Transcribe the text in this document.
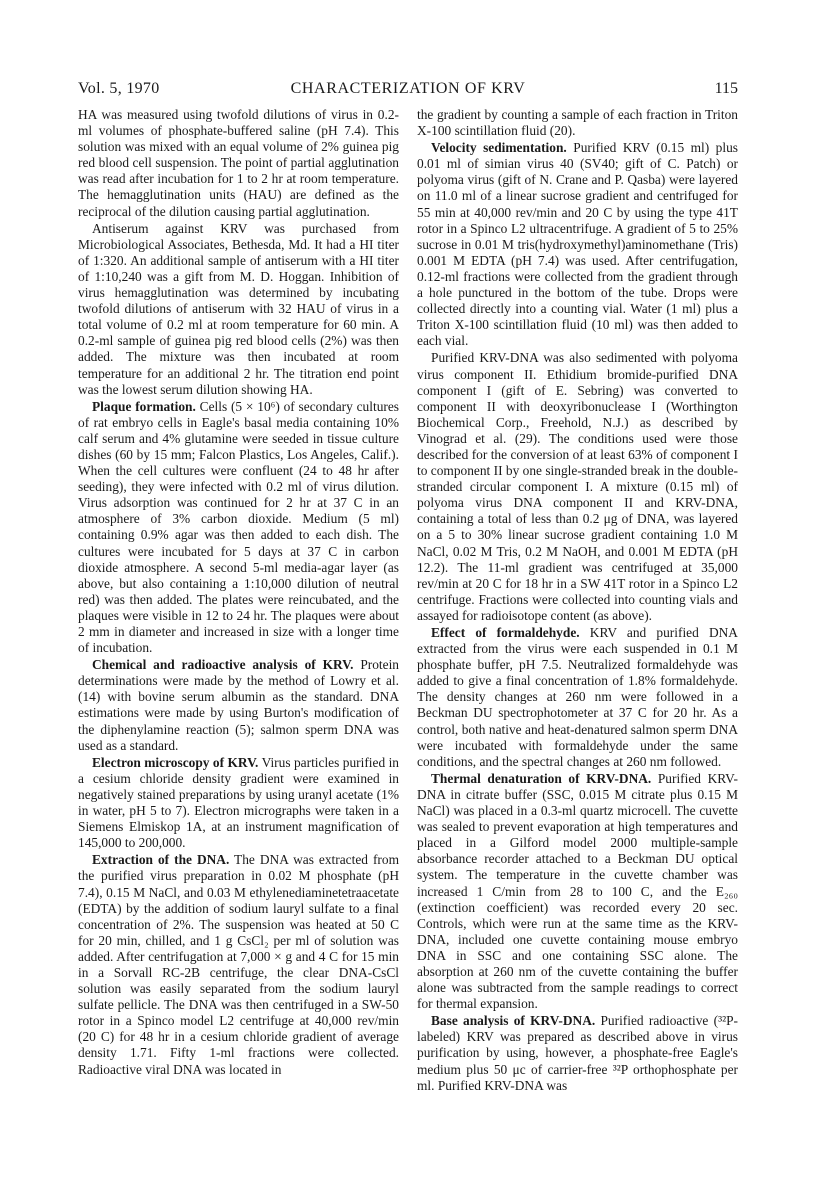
Vol. 5, 1970	CHARACTERIZATION OF KRV	115

HA was measured using twofold dilutions of virus in 0.2-ml volumes of phosphate-buffered saline (pH 7.4). This solution was mixed with an equal volume of 2% guinea pig red blood cell suspension. The point of partial agglutination was read after incubation for 1 to 2 hr at room temperature. The hemagglutination units (HAU) are defined as the reciprocal of the dilution causing partial agglutination.

Antiserum against KRV was purchased from Microbiological Associates, Bethesda, Md. It had a HI titer of 1:320. An additional sample of antiserum with a HI titer of 1:10,240 was a gift from M. D. Hoggan. Inhibition of virus hemagglutination was determined by incubating twofold dilutions of antiserum with 32 HAU of virus in a total volume of 0.2 ml at room temperature for 60 min. A 0.2-ml sample of guinea pig red blood cells (2%) was then added. The mixture was then incubated at room temperature for an additional 2 hr. The titration end point was the lowest serum dilution showing HA.

Plaque formation. Cells (5 × 10⁶) of secondary cultures of rat embryo cells in Eagle's basal media containing 10% calf serum and 4% glutamine were seeded in tissue culture dishes (60 by 15 mm; Falcon Plastics, Los Angeles, Calif.). When the cell cultures were confluent (24 to 48 hr after seeding), they were infected with 0.2 ml of virus dilution. Virus adsorption was continued for 2 hr at 37 C in an atmosphere of 3% carbon dioxide. Medium (5 ml) containing 0.9% agar was then added to each dish. The cultures were incubated for 5 days at 37 C in carbon dioxide atmosphere. A second 5-ml media-agar layer (as above, but also containing a 1:10,000 dilution of neutral red) was then added. The plates were reincubated, and the plaques were visible in 12 to 24 hr. The plaques were about 2 mm in diameter and increased in size with a longer time of incubation.

Chemical and radioactive analysis of KRV. Protein determinations were made by the method of Lowry et al. (14) with bovine serum albumin as the standard. DNA estimations were made by using Burton's modification of the diphenylamine reaction (5); salmon sperm DNA was used as a standard.

Electron microscopy of KRV. Virus particles purified in a cesium chloride density gradient were examined in negatively stained preparations by using uranyl acetate (1% in water, pH 5 to 7). Electron micrographs were taken in a Siemens Elmiskop 1A, at an instrument magnification of 145,000 to 200,000.

Extraction of the DNA. The DNA was extracted from the purified virus preparation in 0.02 M phosphate (pH 7.4), 0.15 M NaCl, and 0.03 M ethylenediaminetetraacetate (EDTA) by the addition of sodium lauryl sulfate to a final concentration of 2%. The suspension was heated at 50 C for 20 min, chilled, and 1 g CsCl₂ per ml of solution was added. After centrifugation at 7,000 × g and 4 C for 15 min in a Sorvall RC-2B centrifuge, the clear DNA-CsCl solution was easily separated from the sodium lauryl sulfate pellicle. The DNA was then centrifuged in a SW-50 rotor in a Spinco model L2 centrifuge at 40,000 rev/min (20 C) for 48 hr in a cesium chloride gradient of average density 1.71. Fifty 1-ml fractions were collected. Radioactive viral DNA was located in

the gradient by counting a sample of each fraction in Triton X-100 scintillation fluid (20).

Velocity sedimentation. Purified KRV (0.15 ml) plus 0.01 ml of simian virus 40 (SV40; gift of C. Patch) or polyoma virus (gift of N. Crane and P. Qasba) were layered on 11.0 ml of a linear sucrose gradient and centrifuged for 55 min at 40,000 rev/min and 20 C by using the type 41T rotor in a Spinco L2 ultracentrifuge. A gradient of 5 to 25% sucrose in 0.01 M tris(hydroxymethyl)aminomethane (Tris) 0.001 M EDTA (pH 7.4) was used. After centrifugation, 0.12-ml fractions were collected from the gradient through a hole punctured in the bottom of the tube. Drops were collected directly into a counting vial. Water (1 ml) plus a Triton X-100 scintillation fluid (10 ml) was then added to each vial.

Purified KRV-DNA was also sedimented with polyoma virus component II. Ethidium bromide-purified DNA component I (gift of E. Sebring) was converted to component II with deoxyribonuclease I (Worthington Biochemical Corp., Freehold, N.J.) as described by Vinograd et al. (29). The conditions used were those described for the conversion of at least 63% of component I to component II by one single-stranded break in the double-stranded circular component I. A mixture (0.15 ml) of polyoma virus DNA component II and KRV-DNA, containing a total of less than 0.2 μg of DNA, was layered on a 5 to 30% linear sucrose gradient containing 1.0 M NaCl, 0.02 M Tris, 0.2 M NaOH, and 0.001 M EDTA (pH 12.2). The 11-ml gradient was centrifuged at 35,000 rev/min at 20 C for 18 hr in a SW 41T rotor in a Spinco L2 centrifuge. Fractions were collected into counting vials and assayed for radioisotope content (as above).

Effect of formaldehyde. KRV and purified DNA extracted from the virus were each suspended in 0.1 M phosphate buffer, pH 7.5. Neutralized formaldehyde was added to give a final concentration of 1.8% formaldehyde. The density changes at 260 nm were followed in a Beckman DU spectrophotometer at 37 C for 20 hr. As a control, both native and heat-denatured salmon sperm DNA were incubated with formaldehyde under the same conditions, and the spectral changes at 260 nm followed.

Thermal denaturation of KRV-DNA. Purified KRV-DNA in citrate buffer (SSC, 0.015 M citrate plus 0.15 M NaCl) was placed in a 0.3-ml quartz microcell. The cuvette was sealed to prevent evaporation at high temperatures and placed in a Gilford model 2000 multiple-sample absorbance recorder attached to a Beckman DU optical system. The temperature in the cuvette chamber was increased 1 C/min from 28 to 100 C, and the E₂₆₀ (extinction coefficient) was recorded every 20 sec. Controls, which were run at the same time as the KRV-DNA, included one cuvette containing mouse embryo DNA in SSC and one containing SSC alone. The absorption at 260 nm of the cuvette containing the buffer alone was subtracted from the sample readings to correct for thermal expansion.

Base analysis of KRV-DNA. Purified radioactive (³²P-labeled) KRV was prepared as described above in virus purification by using, however, a phosphate-free Eagle's medium plus 50 μc of carrier-free ³²P orthophosphate per ml. Purified KRV-DNA was
